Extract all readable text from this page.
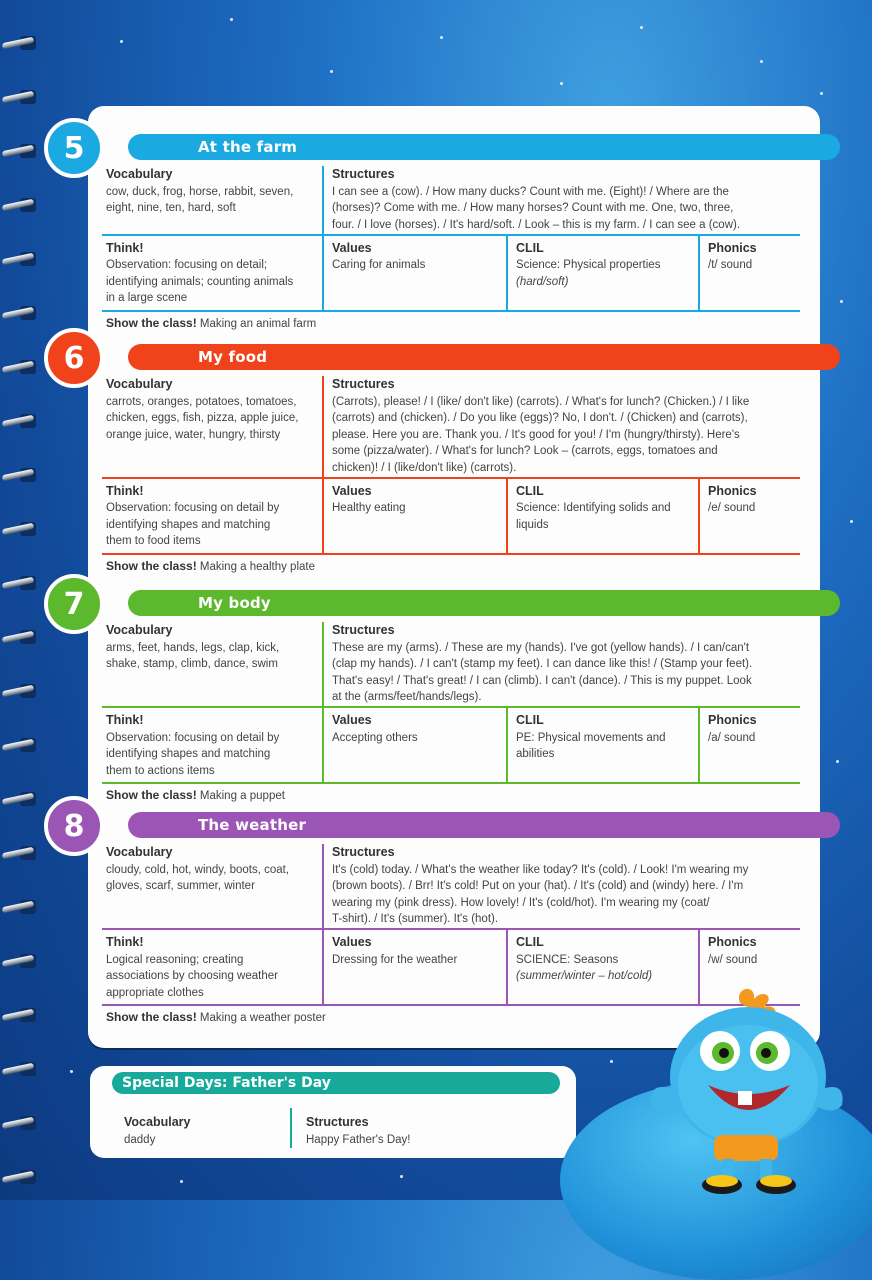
At the farm
5
Vocabulary
cow, duck, frog, horse, rabbit, seven,
eight, nine, ten, hard, soft
Structures
I can see a (cow). / How many ducks? Count with me. (Eight)! / Where are the
(horses)? Come with me. / How many horses? Count with me. One, two, three,
four. / I love (horses). / It's hard/soft. / Look – this is my farm. / I can see a (cow).
Think!
Observation: focusing on detail;
identifying animals; counting animals
in a large scene
Values
Caring for animals
CLIL
Science: Physical properties
(hard/soft)
Phonics
/t/ sound
Show the class! Making an animal farm
My food
6
Vocabulary
carrots, oranges, potatoes, tomatoes,
chicken, eggs, fish, pizza, apple juice,
orange juice, water, hungry, thirsty
Structures
(Carrots), please! / I (like/ don't like) (carrots). / What's for lunch? (Chicken.) / I like
(carrots) and (chicken). / Do you like (eggs)? No, I don't. / (Chicken) and (carrots),
please. Here you are. Thank you. / It's good for you! / I'm (hungry/thirsty). Here's
some (pizza/water). / What's for lunch? Look – (carrots, eggs, tomatoes and
chicken)! / I (like/don't like) (carrots).
Think!
Observation: focusing on detail by
identifying shapes and matching
them to food items
Values
Healthy eating
CLIL
Science: Identifying solids and
liquids
Phonics
/e/ sound
Show the class! Making a healthy plate
My body
7
Vocabulary
arms, feet, hands, legs, clap, kick,
shake, stamp, climb, dance, swim
Structures
These are my (arms). / These are my (hands). I've got (yellow hands). / I can/can't
(clap my hands). / I can't (stamp my feet). I can dance like this! / (Stamp your feet).
That's easy! / That's great! / I can (climb). I can't (dance). / This is my puppet. Look
at the (arms/feet/hands/legs).
Think!
Observation: focusing on detail by
identifying shapes and matching
them to actions items
Values
Accepting others
CLIL
PE: Physical movements and
abilities
Phonics
/a/ sound
Show the class! Making a puppet
The weather
8
Vocabulary
cloudy, cold, hot, windy, boots, coat,
gloves, scarf, summer, winter
Structures
It's (cold) today. / What's the weather like today? It's (cold). / Look! I'm wearing my
(brown boots). / Brr! It's cold! Put on your (hat). / It's (cold) and (windy) here. / I'm
wearing my (pink dress). How lovely! / It's (cold/hot). I'm wearing my (coat/
T-shirt). / It's (summer). It's (hot).
Think!
Logical reasoning; creating
associations by choosing weather
appropriate clothes
Values
Dressing for the weather
CLIL
SCIENCE: Seasons
(summer/winter – hot/cold)
Phonics
/w/ sound
Show the class! Making a weather poster
Special Days: Father's Day
Vocabulary
daddy
Structures
Happy Father's Day!
